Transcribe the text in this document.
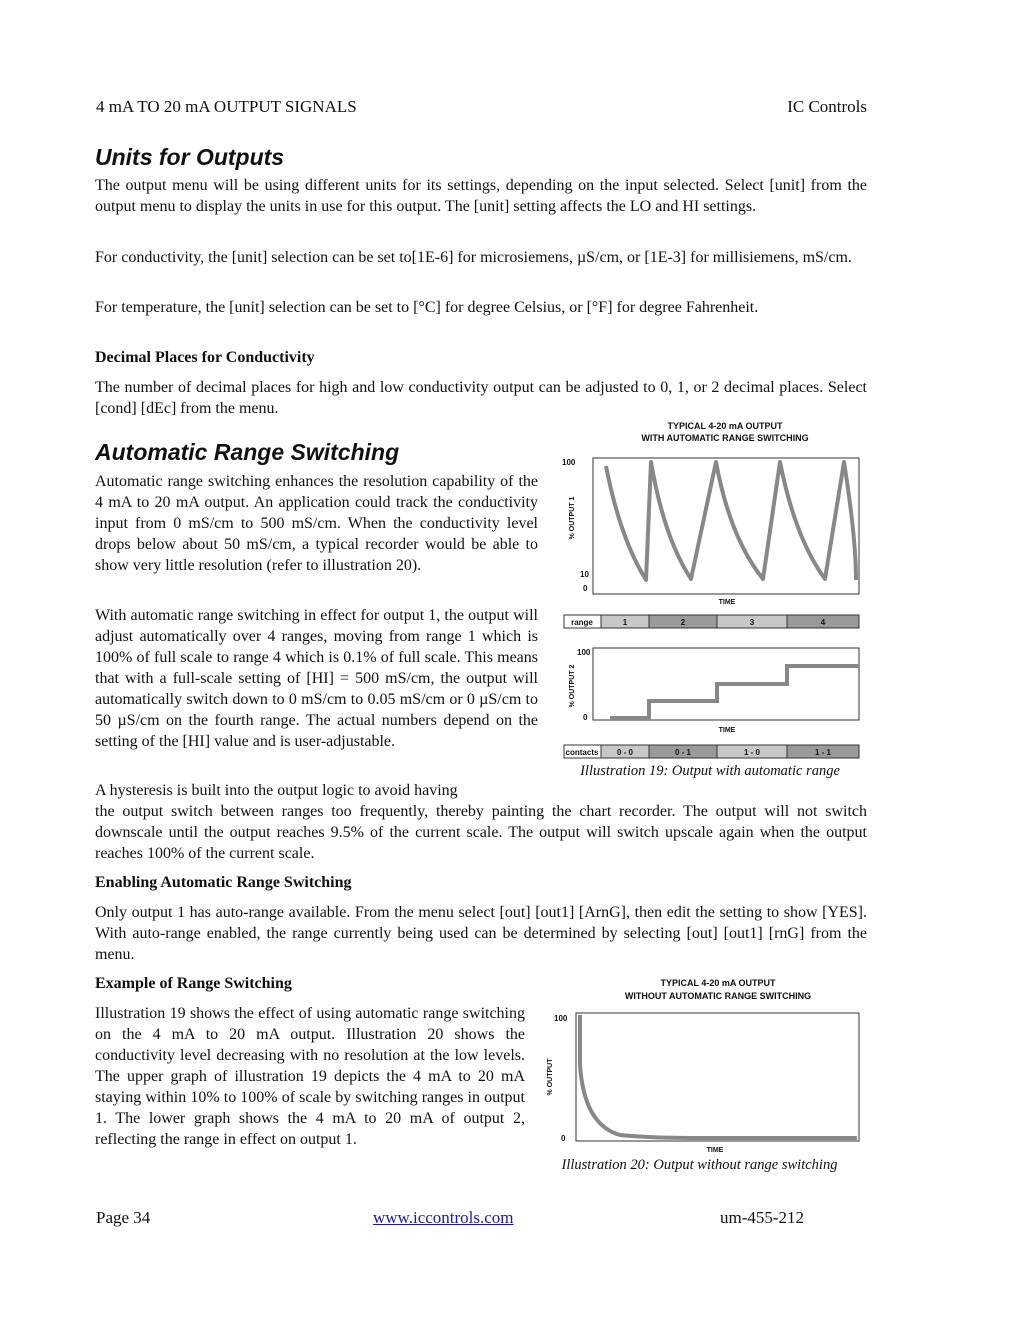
4 mA TO 20 mA OUTPUT SIGNALS	IC Controls
Units for Outputs

The output menu will be using different units for its settings, depending on the input selected. Select [unit] from the output menu to display the units in use for this output. The [unit] setting affects the LO and HI settings.

For conductivity, the [unit] selection can be set to[1E-6] for microsiemens, µS/cm, or [1E-3] for millisiemens, mS/cm.

For temperature, the [unit] selection can be set to [°C] for degree Celsius, or [°F] for degree Fahrenheit.

Decimal Places for Conductivity

The number of decimal places for high and low conductivity output can be adjusted to 0, 1, or 2 decimal places. Select [cond] [dEc] from the menu.

Automatic Range Switching

Automatic range switching enhances the resolution capability of the 4 mA to 20 mA output. An application could track the conductivity input from 0 mS/cm to 500 mS/cm. When the conductivity level drops below about 50 mS/cm, a typical recorder would be able to show very little resolution (refer to illustration 20).

With automatic range switching in effect for output 1, the output will adjust automatically over 4 ranges, moving from range 1 which is 100% of full scale to range 4 which is 0.1% of full scale. This means that with a full-scale setting of [HI] = 500 mS/cm, the output will automatically switch down to 0 mS/cm to 0.05 mS/cm or 0 µS/cm to 50 µS/cm on the fourth range. The actual numbers depend on the setting of the [HI] value and is user-adjustable.

A hysteresis is built into the output logic to avoid having

the output switch between ranges too frequently, thereby painting the chart recorder. The output will not switch downscale until the output reaches 9.5% of the current scale. The output will switch upscale again when the output reaches 100% of the current scale.

Enabling Automatic Range Switching

Only output 1 has auto-range available. From the menu select [out] [out1] [ArnG], then edit the setting to show [YES]. With auto-range enabled, the range currently being used can be determined by selecting [out] [out1] [rnG] from the menu.

Example of Range Switching

Illustration 19 shows the effect of using automatic range switching on the 4 mA to 20 mA output. Illustration 20 shows the conductivity level decreasing with no resolution at the low levels. The upper graph of illustration 19 depicts the 4 mA to 20 mA staying within 10% to 100% of scale by switching ranges in output 1. The lower graph shows the 4 mA to 20 mA of output 2, reflecting the range in effect on output 1.

TYPICAL 4-20 mA OUTPUT
WITH AUTOMATIC RANGE SWITCHING
100
10
0
% OUTPUT 1
TIME
range	1	2	3	4
100
0
% OUTPUT 2
TIME
contacts 0 - 0	0 - 1	1 - 0	1 - 1
Illustration 19: Output with automatic range
TYPICAL 4-20 mA OUTPUT
WITHOUT AUTOMATIC RANGE SWITCHING
100
0
% OUTPUT
TIME
Illustration 20: Output without range switching
Page 34	www.iccontrols.com	um-455-212
